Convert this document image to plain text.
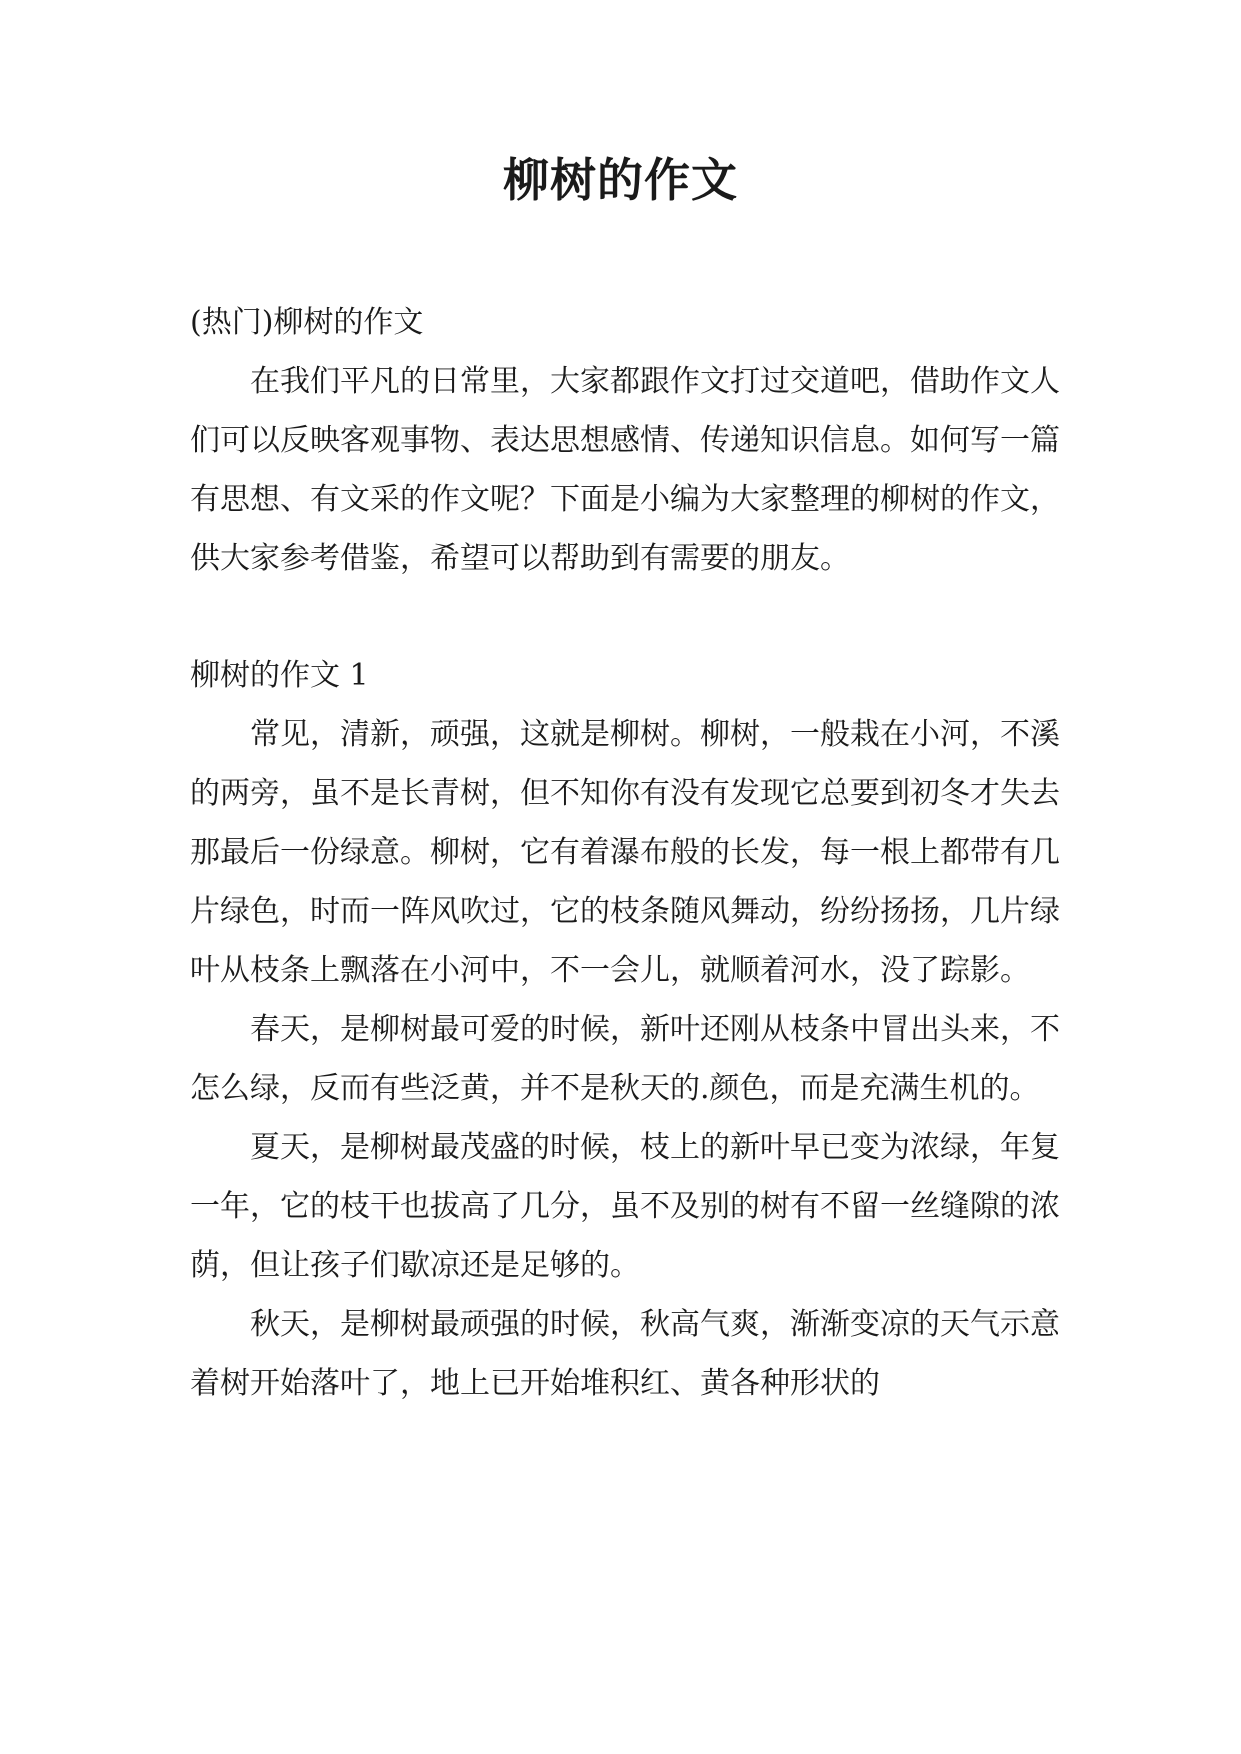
柳树的作文

(热门)柳树的作文

在我们平凡的日常里，大家都跟作文打过交道吧，借助作文人们可以反映客观事物、表达思想感情、传递知识信息。如何写一篇有思想、有文采的作文呢？下面是小编为大家整理的柳树的作文，供大家参考借鉴，希望可以帮助到有需要的朋友。

柳树的作文 1

常见，清新，顽强，这就是柳树。柳树，一般栽在小河，不溪的两旁，虽不是长青树，但不知你有没有发现它总要到初冬才失去那最后一份绿意。柳树，它有着瀑布般的长发，每一根上都带有几片绿色，时而一阵风吹过，它的枝条随风舞动，纷纷扬扬，几片绿叶从枝条上飘落在小河中，不一会儿，就顺着河水，没了踪影。

春天，是柳树最可爱的时候，新叶还刚从枝条中冒出头来，不怎么绿，反而有些泛黄，并不是秋天的.颜色，而是充满生机的。

夏天，是柳树最茂盛的时候，枝上的新叶早已变为浓绿，年复一年，它的枝干也拔高了几分，虽不及别的树有不留一丝缝隙的浓荫，但让孩子们歇凉还是足够的。

秋天，是柳树最顽强的时候，秋高气爽，渐渐变凉的天气示意着树开始落叶了，地上已开始堆积红、黄各种形状的
